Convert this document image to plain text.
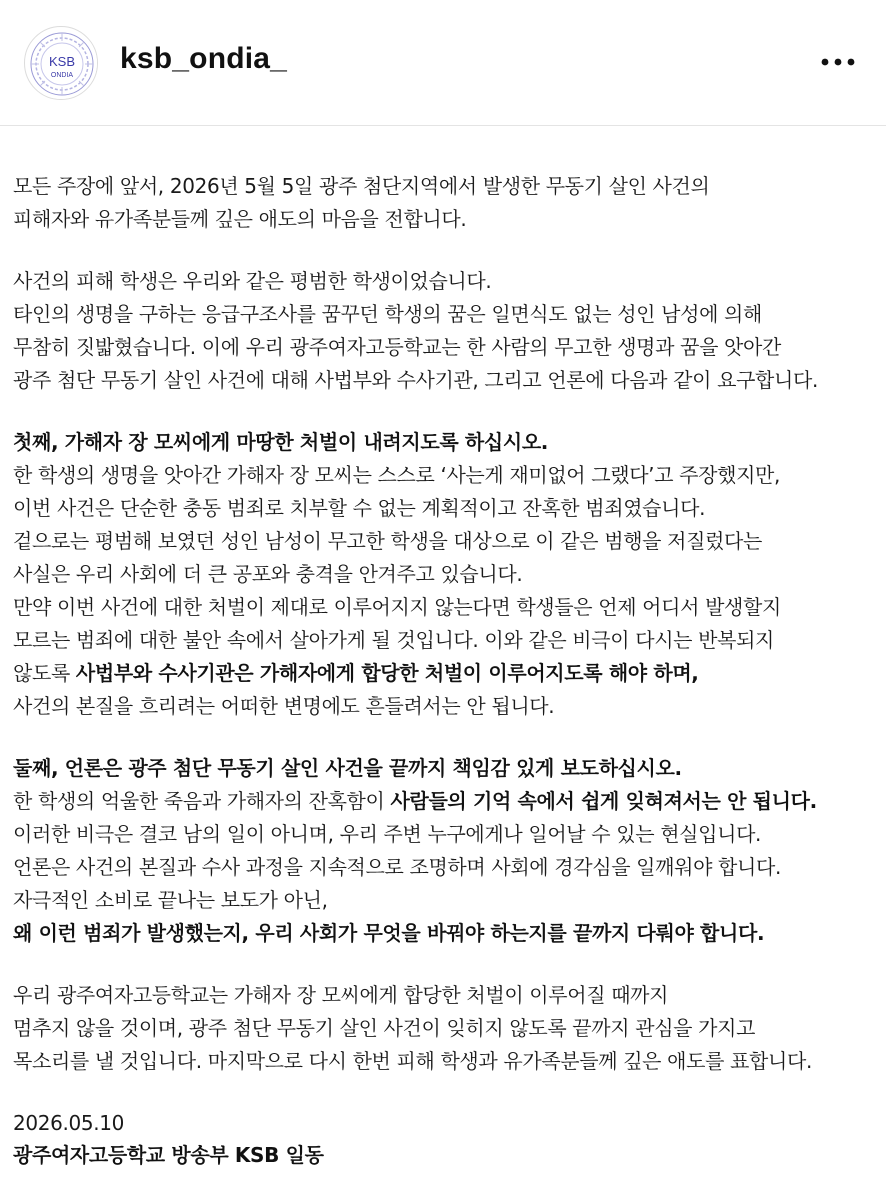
KSB
ONDIA
ksb_ondia_
모든 주장에 앞서, 2026년 5월 5일 광주 첨단지역에서 발생한 무동기 살인 사건의
피해자와 유가족분들께 깊은 애도의 마음을 전합니다.
사건의 피해 학생은 우리와 같은 평범한 학생이었습니다.
타인의 생명을 구하는 응급구조사를 꿈꾸던 학생의 꿈은 일면식도 없는 성인 남성에 의해
무참히 짓밟혔습니다. 이에 우리 광주여자고등학교는 한 사람의 무고한 생명과 꿈을 앗아간
광주 첨단 무동기 살인 사건에 대해 사법부와 수사기관, 그리고 언론에 다음과 같이 요구합니다.
첫째, 가해자 장 모씨에게 마땅한 처벌이 내려지도록 하십시오.
한 학생의 생명을 앗아간 가해자 장 모씨는 스스로 ‘사는게 재미없어 그랬다’고 주장했지만,
이번 사건은 단순한 충동 범죄로 치부할 수 없는 계획적이고 잔혹한 범죄였습니다.
겉으로는 평범해 보였던 성인 남성이 무고한 학생을 대상으로 이 같은 범행을 저질렀다는
사실은 우리 사회에 더 큰 공포와 충격을 안겨주고 있습니다.
만약 이번 사건에 대한 처벌이 제대로 이루어지지 않는다면 학생들은 언제 어디서 발생할지
모르는 범죄에 대한 불안 속에서 살아가게 될 것입니다. 이와 같은 비극이 다시는 반복되지
않도록 사법부와 수사기관은 가해자에게 합당한 처벌이 이루어지도록 해야 하며,
사건의 본질을 흐리려는 어떠한 변명에도 흔들려서는 안 됩니다.
둘째, 언론은 광주 첨단 무동기 살인 사건을 끝까지 책임감 있게 보도하십시오.
한 학생의 억울한 죽음과 가해자의 잔혹함이 사람들의 기억 속에서 쉽게 잊혀져서는 안 됩니다.
이러한 비극은 결코 남의 일이 아니며, 우리 주변 누구에게나 일어날 수 있는 현실입니다.
언론은 사건의 본질과 수사 과정을 지속적으로 조명하며 사회에 경각심을 일깨워야 합니다.
자극적인 소비로 끝나는 보도가 아닌,
왜 이런 범죄가 발생했는지, 우리 사회가 무엇을 바꿔야 하는지를 끝까지 다뤄야 합니다.
우리 광주여자고등학교는 가해자 장 모씨에게 합당한 처벌이 이루어질 때까지
멈추지 않을 것이며, 광주 첨단 무동기 살인 사건이 잊히지 않도록 끝까지 관심을 가지고
목소리를 낼 것입니다. 마지막으로 다시 한번 피해 학생과 유가족분들께 깊은 애도를 표합니다.
2026.05.10
광주여자고등학교 방송부 KSB 일동
